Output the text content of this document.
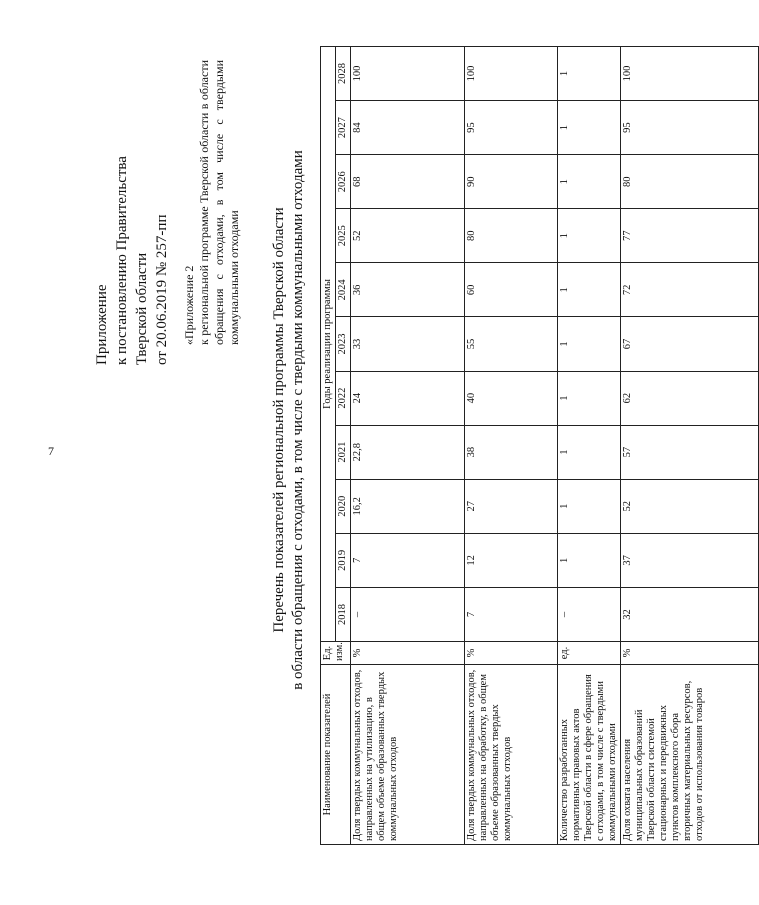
7
Приложение к постановлению Правительства Тверской области от 20.06.2019 № 257-пп «Приложение 2 к региональной программе Тверской области в области обращения с отходами, в том числе с твердыми коммунальными отходами Перечень показателей региональной программы Тверской области в области обращения с отходами, в том числе с твердыми коммунальными отходами
Наименование показателей	Ед. изм.	Годы реализации программы										
		2018	2019	2020	2021	2022	2023	2024	2025	2026	2027	2028
Доля твердых коммунальных отходов, направленных на утилизацию, в общем объеме образованных твердых коммунальных отходов	%	–	7	16,2	22,8	24	33	36	52	68	84	100
Доля твердых коммунальных отходов, направленных на обработку, в общем объеме образованных твердых коммунальных отходов	%	7	12	27	38	40	55	60	80	90	95	100
Количество разработанных нормативных правовых актов Тверской области в сфере обращения с отходами, в том числе с твердыми коммунальными отходами	ед.	–	1	1	1	1	1	1	1	1	1	1
Доля охвата населения муниципальных образований Тверской области системой стационарных и передвижных пунктов комплексного сбора вторичных материальных ресурсов, отходов от использования товаров	%	32	37	52	57	62	67	72	77	80	95	100
